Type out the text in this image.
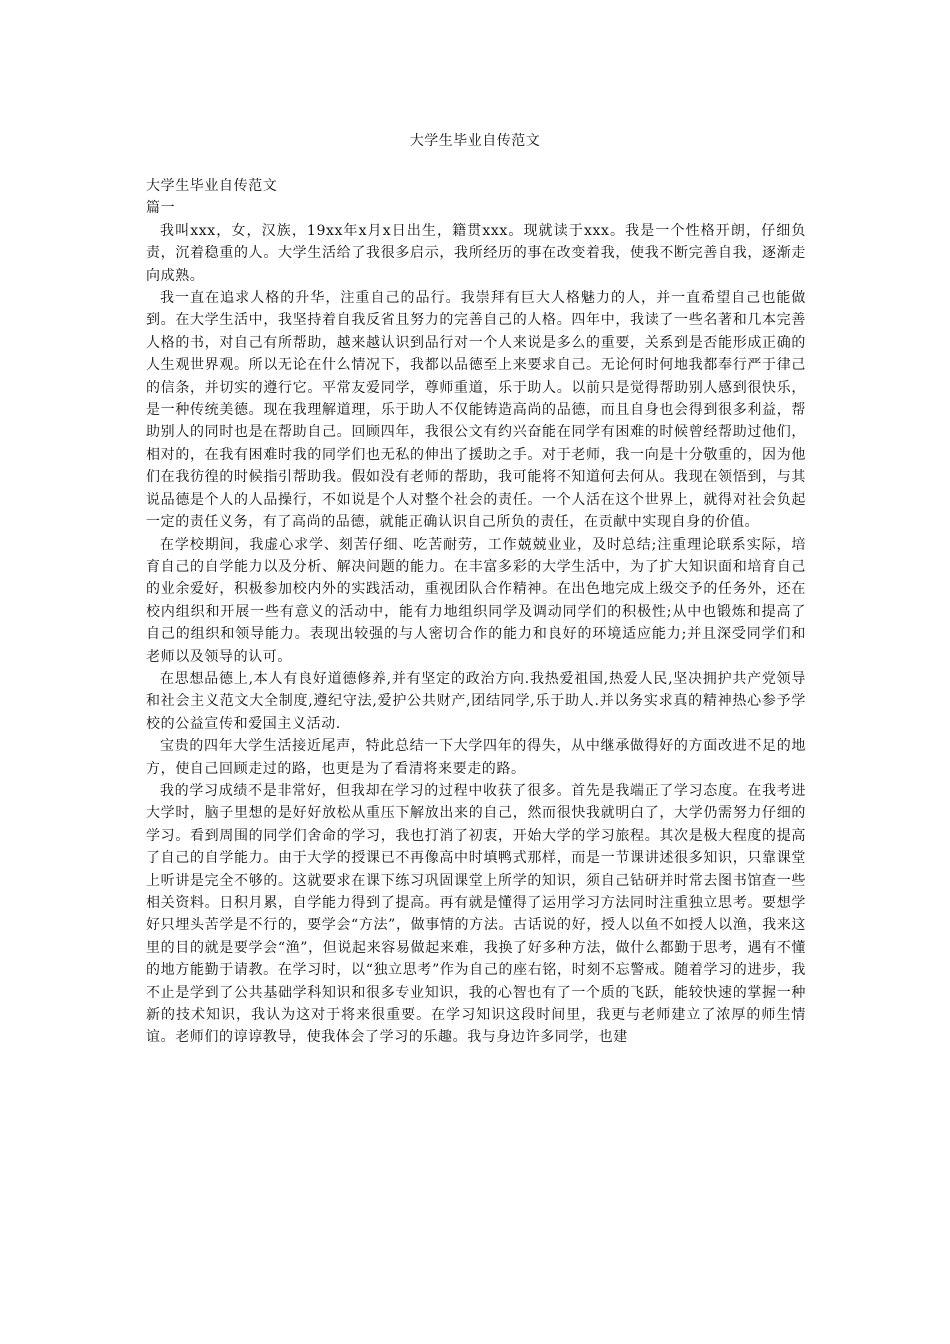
大学生毕业自传范文

大学生毕业自传范文

篇一

我叫xxx，女，汉族，19xx年x月x日出生，籍贯xxx。现就读于xxx。我是一个性格开朗，仔细负责，沉着稳重的人。大学生活给了我很多启示，我所经历的事在改变着我，使我不断完善自我，逐渐走向成熟。

我一直在追求人格的升华，注重自己的品行。我崇拜有巨大人格魅力的人，并一直希望自己也能做到。在大学生活中，我坚持着自我反省且努力的完善自己的人格。四年中，我读了一些名著和几本完善人格的书，对自己有所帮助，越来越认识到品行对一个人来说是多么的重要，关系到是否能形成正确的人生观世界观。所以无论在什么情况下，我都以品德至上来要求自己。无论何时何地我都奉行严于律己的信条，并切实的遵行它。平常友爱同学，尊师重道，乐于助人。以前只是觉得帮助别人感到很快乐，是一种传统美德。现在我理解道理，乐于助人不仅能铸造高尚的品德，而且自身也会得到很多利益，帮助别人的同时也是在帮助自己。回顾四年，我很公文有约兴奋能在同学有困难的时候曾经帮助过他们，相对的，在我有困难时我的同学们也无私的伸出了援助之手。对于老师，我一向是十分敬重的，因为他们在我彷徨的时候指引帮助我。假如没有老师的帮助，我可能将不知道何去何从。我现在领悟到，与其说品德是个人的人品操行，不如说是个人对整个社会的责任。一个人活在这个世界上，就得对社会负起一定的责任义务，有了高尚的品德，就能正确认识自己所负的责任，在贡献中实现自身的价值。

在学校期间，我虚心求学、刻苦仔细、吃苦耐劳，工作兢兢业业，及时总结;注重理论联系实际，培育自己的自学能力以及分析、解决问题的能力。在丰富多彩的大学生活中，为了扩大知识面和培育自己的业余爱好，积极参加校内外的实践活动，重视团队合作精神。在出色地完成上级交予的任务外，还在校内组织和开展一些有意义的活动中，能有力地组织同学及调动同学们的积极性;从中也锻炼和提高了自己的组织和领导能力。表现出较强的与人密切合作的能力和良好的环境适应能力;并且深受同学们和老师以及领导的认可。

在思想品德上,本人有良好道德修养,并有坚定的政治方向.我热爱祖国,热爱人民,坚决拥护共产党领导和社会主义范文大全制度,遵纪守法,爱护公共财产,团结同学,乐于助人.并以务实求真的精神热心参予学校的公益宣传和爱国主义活动.

宝贵的四年大学生活接近尾声，特此总结一下大学四年的得失，从中继承做得好的方面改进不足的地方，使自己回顾走过的路，也更是为了看清将来要走的路。

我的学习成绩不是非常好，但我却在学习的过程中收获了很多。首先是我端正了学习态度。在我考进大学时，脑子里想的是好好放松从重压下解放出来的自己，然而很快我就明白了，大学仍需努力仔细的学习。看到周围的同学们舍命的学习，我也打消了初衷，开始大学的学习旅程。其次是极大程度的提高了自己的自学能力。由于大学的授课已不再像高中时填鸭式那样，而是一节课讲述很多知识，只靠课堂上听讲是完全不够的。这就要求在课下练习巩固课堂上所学的知识，须自己钻研并时常去图书馆查一些相关资料。日积月累，自学能力得到了提高。再有就是懂得了运用学习方法同时注重独立思考。要想学好只埋头苦学是不行的，要学会“方法”，做事情的方法。古话说的好，授人以鱼不如授人以渔，我来这里的目的就是要学会“渔”，但说起来容易做起来难，我换了好多种方法，做什么都勤于思考，遇有不懂的地方能勤于请教。在学习时，以“独立思考”作为自己的座右铭，时刻不忘警戒。随着学习的进步，我不止是学到了公共基础学科知识和很多专业知识，我的心智也有了一个质的飞跃，能较快速的掌握一种新的技术知识，我认为这对于将来很重要。在学习知识这段时间里，我更与老师建立了浓厚的师生情谊。老师们的谆谆教导，使我体会了学习的乐趣。我与身边许多同学，也建
